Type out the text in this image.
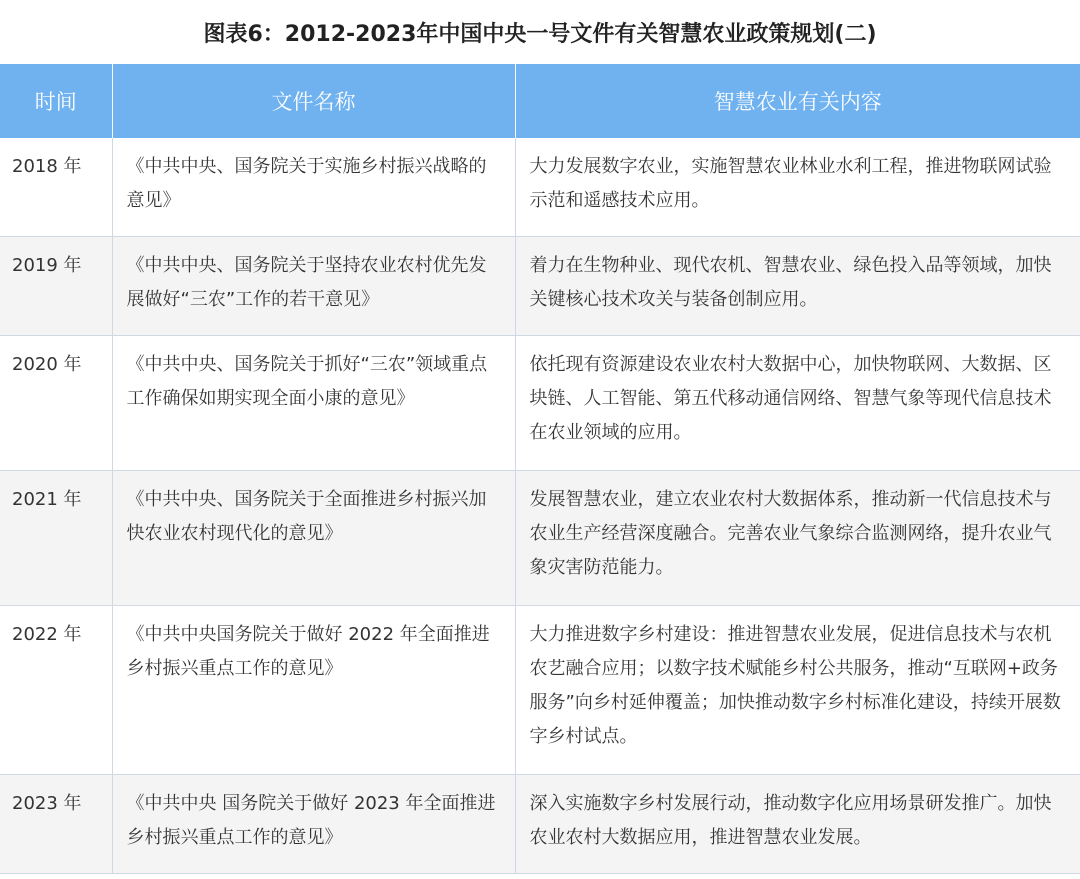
图表6：2012-2023年中国中央一号文件有关智慧农业政策规划(二)
时间	文件名称	智慧农业有关内容
2018 年	《中共中央、国务院关于实施乡村振兴战略的意见》	大力发展数字农业，实施智慧农业林业水利工程，推进物联网试验示范和遥感技术应用。
2019 年	《中共中央、国务院关于坚持农业农村优先发展做好“三农”工作的若干意见》	着力在生物种业、现代农机、智慧农业、绿色投入品等领域，加快关键核心技术攻关与装备创制应用。
2020 年	《中共中央、国务院关于抓好“三农”领域重点工作确保如期实现全面小康的意见》	依托现有资源建设农业农村大数据中心，加快物联网、大数据、区块链、人工智能、第五代移动通信网络、智慧气象等现代信息技术在农业领域的应用。
2021 年	《中共中央、国务院关于全面推进乡村振兴加快农业农村现代化的意见》	发展智慧农业，建立农业农村大数据体系，推动新一代信息技术与农业生产经营深度融合。完善农业气象综合监测网络，提升农业气象灾害防范能力。
2022 年	《中共中央国务院关于做好 2022 年全面推进乡村振兴重点工作的意见》	大力推进数字乡村建设：推进智慧农业发展，促进信息技术与农机农艺融合应用；以数字技术赋能乡村公共服务，推动“互联网+政务服务”向乡村延伸覆盖；加快推动数字乡村标准化建设，持续开展数字乡村试点。
2023 年	《中共中央 国务院关于做好 2023 年全面推进乡村振兴重点工作的意见》	深入实施数字乡村发展行动，推动数字化应用场景研发推广。加快农业农村大数据应用，推进智慧农业发展。
